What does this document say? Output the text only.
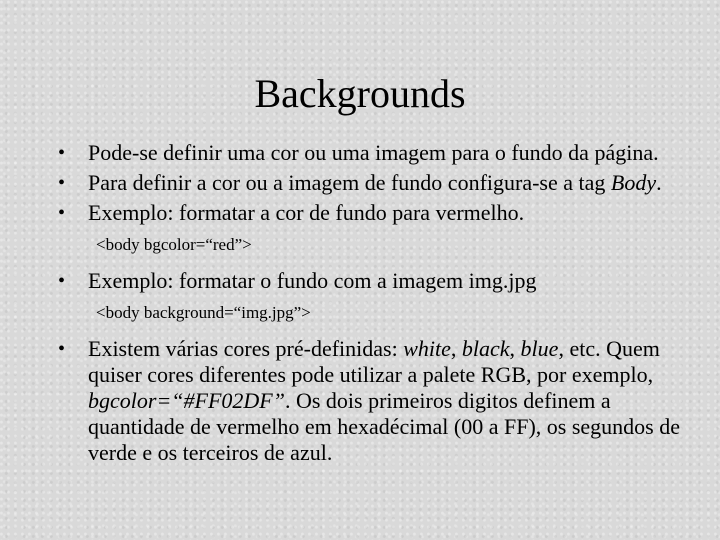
Backgrounds
• Pode-se definir uma cor ou uma imagem para o fundo da página.
• Para definir a cor ou a imagem de fundo configura-se a tag Body.
• Exemplo: formatar a cor de fundo para vermelho.
<body bgcolor=“red”>
• Exemplo: formatar o fundo com a imagem img.jpg
<body background=“img.jpg”>
• Existem várias cores pré-definidas: white, black, blue, etc. Quem quiser cores diferentes pode utilizar a palete RGB, por exemplo, bgcolor=“#FF02DF”. Os dois primeiros digitos definem a quantidade de vermelho em hexadécimal (00 a FF), os segundos de verde e os terceiros de azul.
